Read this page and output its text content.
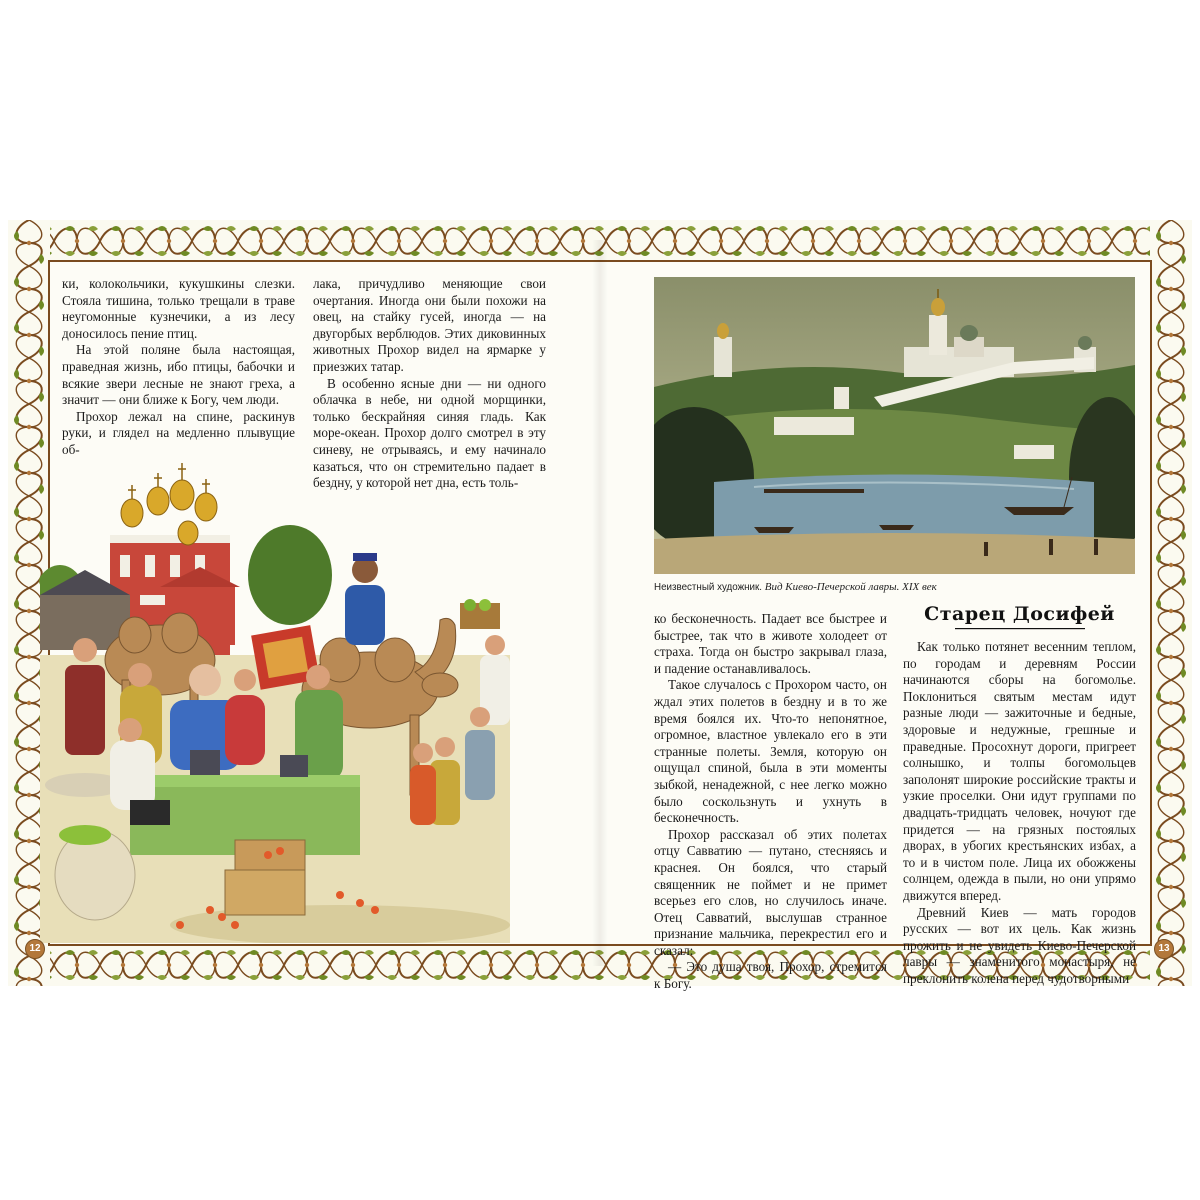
ки, колокольчики, кукушкины слезки. Стояла тишина, только трещали в траве неугомонные кузнечики, а из лесу доносилось пение птиц.

На этой поляне была настоящая, праведная жизнь, ибо птицы, бабочки и всякие звери лесные не знают греха, а значит — они ближе к Богу, чем люди.

Прохор лежал на спине, раскинув руки, и глядел на медленно плывущие об-

лака, причудливо меняющие свои очертания. Иногда они были похожи на овец, на стайку гусей, иногда — на двугорбых верблюдов. Этих диковинных животных Прохор видел на ярмарке у приезжих татар.

В особенно ясные дни — ни одного облачка в небе, ни одной морщинки, только бескрайняя синяя гладь. Как море-океан. Прохор долго смотрел в эту синеву, не отрываясь, и ему начинало казаться, что он стремительно падает в бездну, у которой нет дна, есть толь-

Неизвестный художник. Вид Киево-Печерской лавры. XIX век

ко бесконечность. Падает все быстрее и быстрее, так что в животе холодеет от страха. Тогда он быстро закрывал глаза, и падение останавливалось.

Такое случалось с Прохором часто, он ждал этих полетов в бездну и в то же время боялся их. Что-то непонятное, огромное, властное увлекало его в эти странные полеты. Земля, которую он ощущал спиной, была в эти моменты зыбкой, ненадежной, с нее легко можно было соскользнуть и ухнуть в бесконечность.

Прохор рассказал об этих полетах отцу Савватию — путано, стесняясь и краснея. Он боялся, что старый священник не поймет и не примет всерьез его слов, но случилось иначе. Отец Савватий, выслушав странное признание мальчика, перекрестил его и сказал:

— Это душа твоя, Прохор, стремится к Богу.

Старец Досифей

Как только потянет весенним теплом, по городам и деревням России начинаются сборы на богомолье. Поклониться святым местам идут разные люди — зажиточные и бедные, здоровые и недужные, грешные и праведные. Просохнут дороги, пригреет солнышко, и толпы богомольцев заполонят широкие российские тракты и узкие проселки. Они идут группами по двадцать-тридцать человек, ночуют где придется — на грязных постоялых дворах, в убогих крестьянских избах, а то и в чистом поле. Лица их обожжены солнцем, одежда в пыли, но они упрямо движутся вперед.

Древний Киев — мать городов русских — вот их цель. Как жизнь прожить и не увидеть Киево-Печерской лавры — знаменитого монастыря, не преклонить колена перед чудотворными

12	13
